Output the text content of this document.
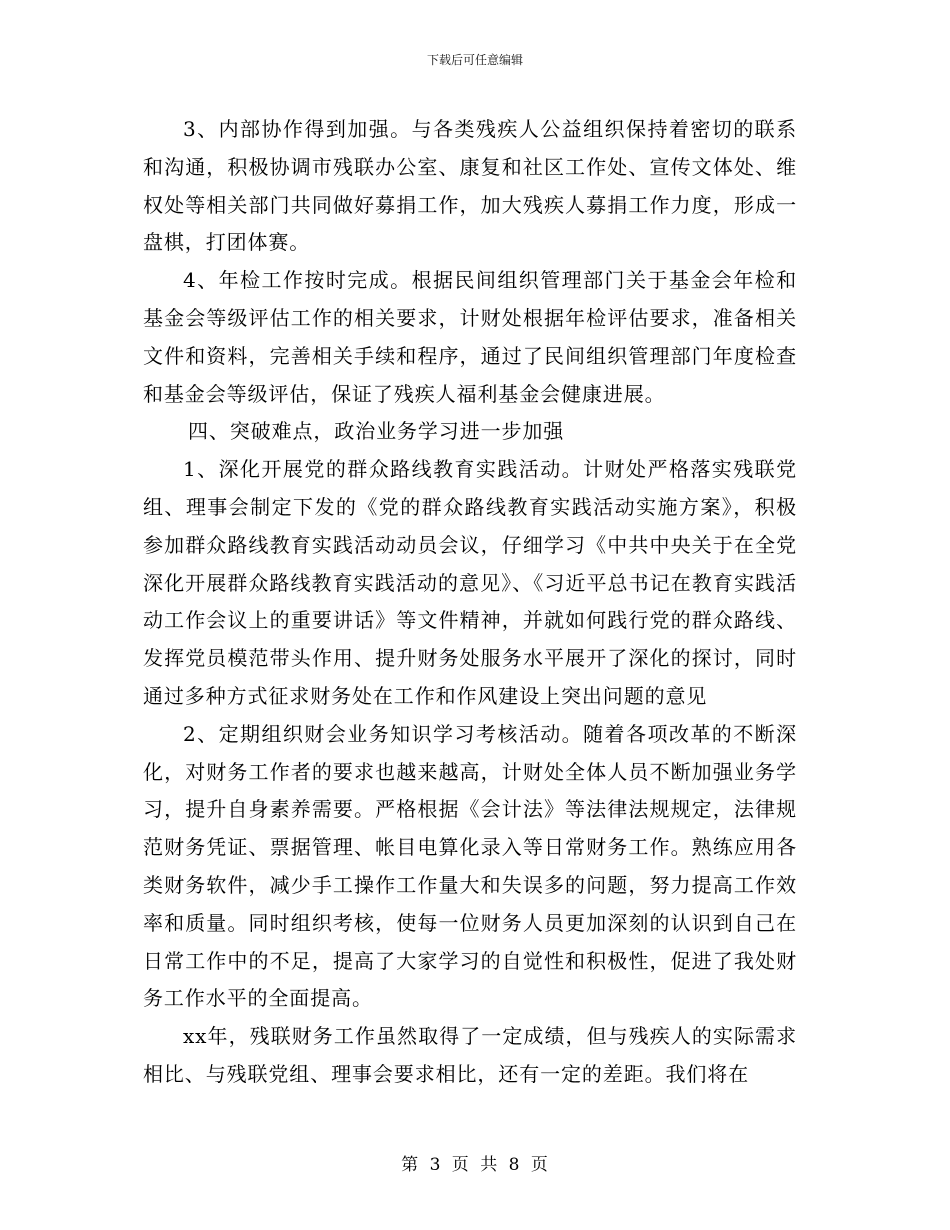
下载后可任意编辑

3、内部协作得到加强。与各类残疾人公益组织保持着密切的联系和沟通，积极协调市残联办公室、康复和社区工作处、宣传文体处、维权处等相关部门共同做好募捐工作，加大残疾人募捐工作力度，形成一盘棋，打团体赛。

4、年检工作按时完成。根据民间组织管理部门关于基金会年检和基金会等级评估工作的相关要求，计财处根据年检评估要求，准备相关文件和资料，完善相关手续和程序，通过了民间组织管理部门年度检查和基金会等级评估，保证了残疾人福利基金会健康进展。

四、突破难点，政治业务学习进一步加强

1、深化开展党的群众路线教育实践活动。计财处严格落实残联党组、理事会制定下发的《党的群众路线教育实践活动实施方案》，积极参加群众路线教育实践活动动员会议，仔细学习《中共中央关于在全党深化开展群众路线教育实践活动的意见》、《习近平总书记在教育实践活动工作会议上的重要讲话》等文件精神，并就如何践行党的群众路线、发挥党员模范带头作用、提升财务处服务水平展开了深化的探讨，同时通过多种方式征求财务处在工作和作风建设上突出问题的意见

2、定期组织财会业务知识学习考核活动。随着各项改革的不断深化，对财务工作者的要求也越来越高，计财处全体人员不断加强业务学习，提升自身素养需要。严格根据《会计法》等法律法规规定，法律规范财务凭证、票据管理、帐目电算化录入等日常财务工作。熟练应用各类财务软件，减少手工操作工作量大和失误多的问题，努力提高工作效率和质量。同时组织考核，使每一位财务人员更加深刻的认识到自己在日常工作中的不足，提高了大家学习的自觉性和积极性，促进了我处财务工作水平的全面提高。

xx年，残联财务工作虽然取得了一定成绩，但与残疾人的实际需求相比、与残联党组、理事会要求相比，还有一定的差距。我们将在

第 3 页 共 8 页
